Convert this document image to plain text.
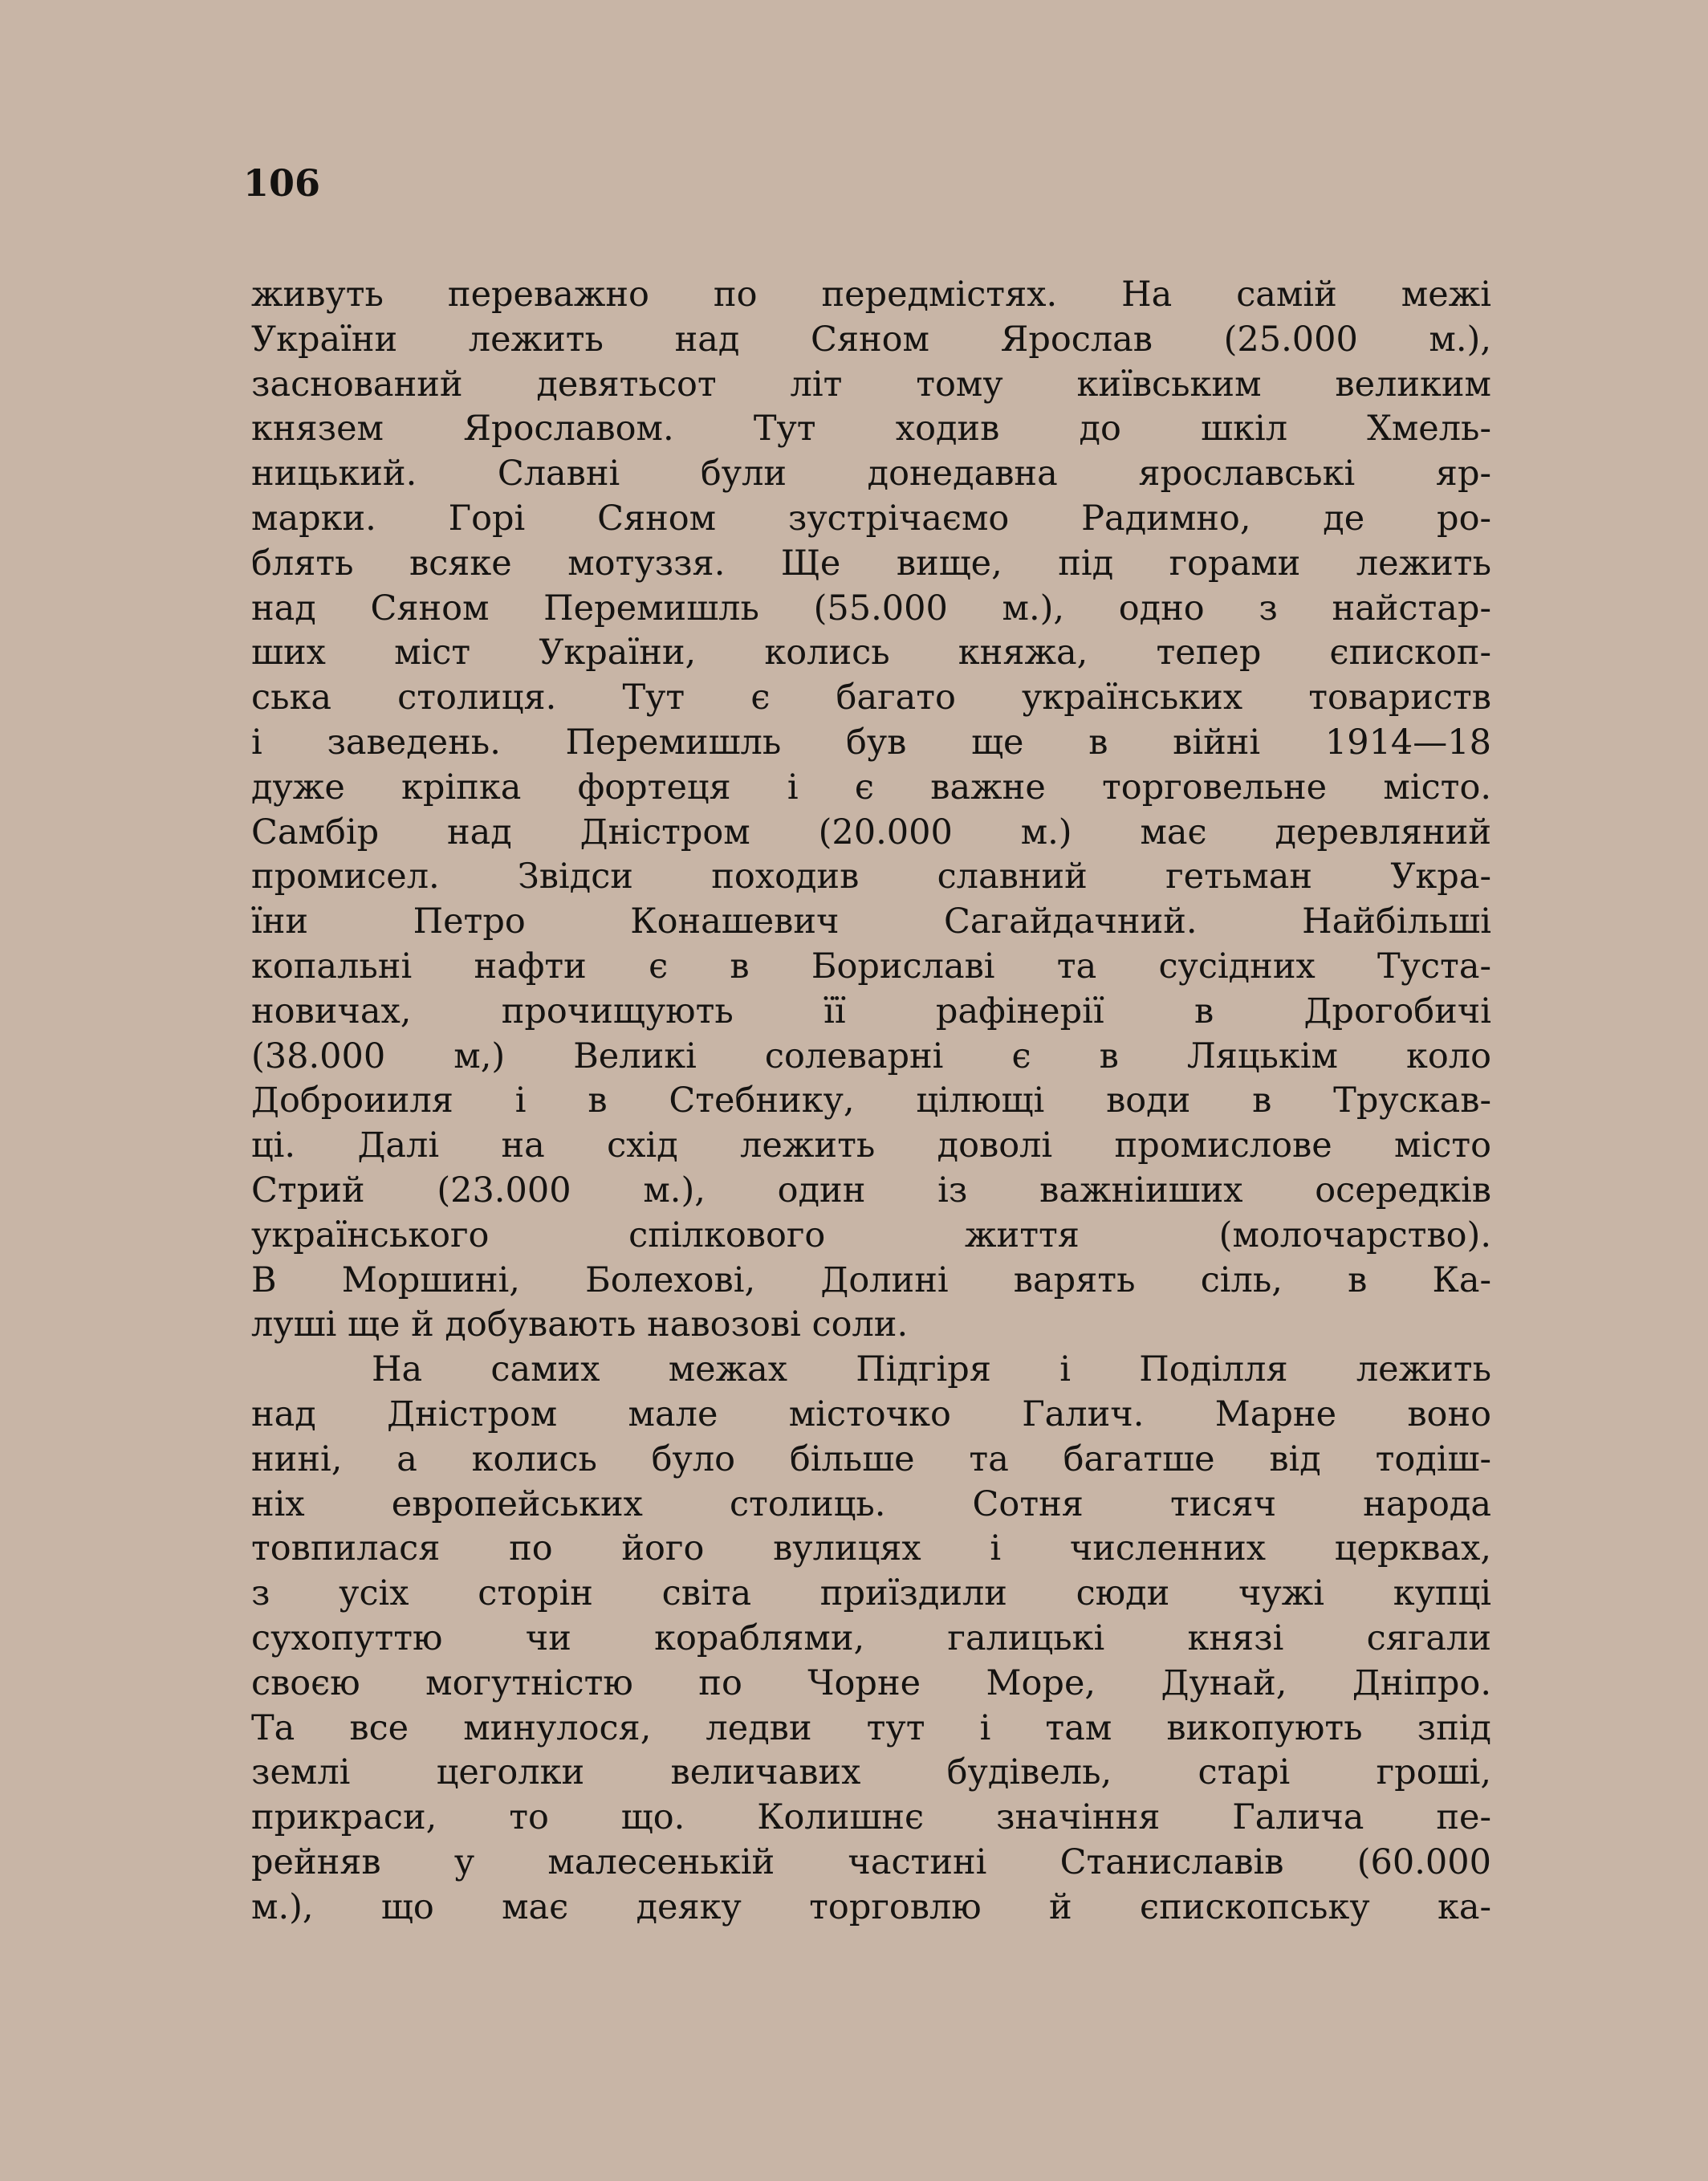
106
живуть переважно по передмістях. На самій межі
України лежить над Сяном Ярослав (25.000 м.),
заснований девятьсот літ тому київським великим
князем Ярославом. Тут ходив до шкіл Хмель-
ницький. Славні були донедавна ярославські яр-
марки. Горі Сяном зустрічаємо Радимно, де ро-
блять всяке мотуззя. Ще вище, під горами лежить
над Сяном Перемишль (55.000 м.), одно з найстар-
ших міст України, колись княжа, тепер єпископ-
ська столиця. Тут є багато українських товариств
і заведень. Перемишль був ще в війні 1914—18
дуже кріпка фортеця і є важне торговельне місто.
Самбір над Дністром (20.000 м.) має деревляний
промисел. Звідси походив славний гетьман Укра-
їни Петро Конашевич Сагайдачний. Найбільші
копальні нафти є в Бориславі та сусідних Туста-
новичах, прочищують її рафінерії в Дрогобичі
(38.000 м,) Великі солеварні є в Ляцькім коло
Доброииля і в Стебнику, цілющі води в Трускав-
ці. Далі на схід лежить доволі промислове місто
Стрий (23.000 м.), один із важніиших осередків
українського спілкового життя (молочарство).
В Моршині, Болехові, Долині варять сіль, в Ка-
луші ще й добувають навозові соли.
На самих межах Підгіря і Поділля лежить
над Дністром мале місточко Галич. Марне воно
нині, а колись було більше та багатше від тодіш-
ніх европейських столиць. Сотня тисяч народа
товпилася по його вулицях і численних церквах,
з усіх сторін світа приїздили сюди чужі купці
сухопуттю чи кораблями, галицькі князі сягали
своєю могутністю по Чорне Море, Дунай, Дніпро.
Та все минулося, ледви тут і там викопують зпід
землі цеголки величавих будівель, старі гроші,
прикраси, то що. Колишнє значіння Галича пе-
рейняв у малесенькій частині Станиславів (60.000
м.), що має деяку торговлю й єпископську ка-
